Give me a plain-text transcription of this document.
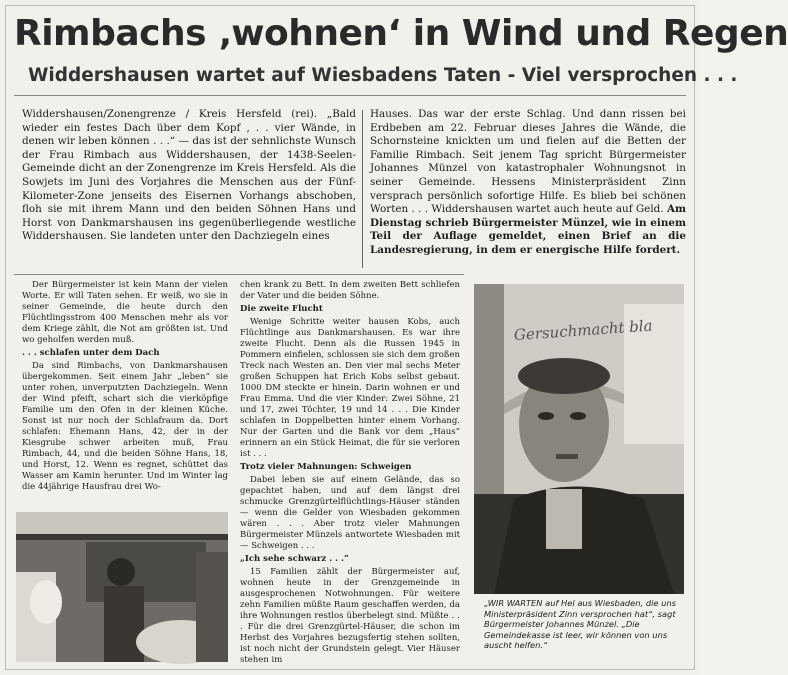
Rimbachs ‚wohnen‘ in Wind und Regen
Widdershausen wartet auf Wiesbadens Taten - Viel versprochen . . .
Widdershausen/Zonengrenze / Kreis Hersfeld (rei). „Bald wieder ein festes Dach über dem Kopf , . . vier Wände, in denen wir leben können . . .“ — das ist der sehnlichste Wunsch der Frau Rimbach aus Widdershausen, der 1438-Seelen-Gemeinde dicht an der Zonengrenze im Kreis Hersfeld. Als die Sowjets im Juni des Vorjahres die Menschen aus der Fünf-Kilometer-Zone jenseits des Eisernen Vorhangs abschoben, floh sie mit ihrem Mann und den beiden Söhnen Hans und Horst von Dankmarshausen ins gegenüberliegende westliche Widdershausen. Sie landeten unter den Dachziegeln eines
Hauses. Das war der erste Schlag. Und dann rissen bei Erdbeben am 22. Februar dieses Jahres die Wände, die Schornsteine knickten um und fielen auf die Betten der Familie Rimbach. Seit jenem Tag spricht Bürgermeister Johannes Münzel von katastrophaler Wohnungsnot in seiner Gemeinde. Hessens Ministerpräsident Zinn versprach persönlich sofortige Hilfe. Es blieb bei schönen Worten . . . Widdershausen wartet auch heute auf Geld. Am Dienstag schrieb Bürgermeister Münzel, wie in einem Teil der Auflage gemeldet, einen Brief an die Landesregierung, in dem er energische Hilfe fordert.
Der Bürgermeister ist kein Mann der vielen Worte. Er will Taten sehen. Er weiß, wo sie in seiner Gemeinde, die heute durch den Flüchtlingsstrom 400 Menschen mehr als vor dem Kriege zählt, die Not am größten ist. Und wo geholfen werden muß.
. . . schlafen unter dem Dach
Da sind Rimbachs, von Dankmarshausen übergekommen. Seit einem Jahr „leben“ sie unter rohen, unverputzten Dachziegeln. Wenn der Wind pfeift, schart sich die vierköpfige Familie um den Ofen in der kleinen Küche. Sonst ist nur noch der Schlafraum da. Dort schlafen: Ehemann Hans, 42, der in der Kiesgrube schwer arbeiten muß, Frau Rimbach, 44, und die beiden Söhne Hans, 18, und Horst, 12. Wenn es regnet, schüttet das Wasser am Kamin herunter. Und im Winter lag die 44jährige Hausfrau drei Wo-
chen krank zu Bett. In dem zweiten Bett schliefen der Vater und die beiden Söhne.
Die zweite Flucht
Wenige Schritte weiter hausen Kobs, auch Flüchtlinge aus Dankmarshausen. Es war ihre zweite Flucht. Denn als die Russen 1945 in Pommern einfielen, schlossen sie sich dem großen Treck nach Westen an. Den vier mal sechs Meter großen Schuppen hat Erich Kobs selbst gebaut. 1000 DM steckte er hinein. Darin wohnen er und Frau Emma. Und die vier Kinder: Zwei Söhne, 21 und 17, zwei Töchter, 19 und 14 . . . Die Kinder schlafen in Doppelbetten hinter einem Vorhang. Nur der Garten und die Bank vor dem „Haus“ erinnern an ein Stück Heimat, die für sie verloren ist . . .
Trotz vieler Mahnungen: Schweigen
Dabei leben sie auf einem Gelände, das so gepachtet haben, und auf dem längst drei schmucke Grenzgürtelflüchtlings-Häuser ständen — wenn die Gelder von Wiesbaden gekommen wären . . . Aber trotz vieler Mahnungen Bürgermeister Münzels antwortete Wiesbaden mit — Schweigen . . .
„Ich sehe schwarz . . .“
15 Familien zählt der Bürgermeister auf, wohnen heute in der Grenzgemeinde in ausgesprochenen Notwohnungen. Für weitere zehn Familien müßte Raum geschaffen werden, da ihre Wohnungen restlos überbelegt sind. Müßte . . . Für die drei Grenzgürtel-Häuser, die schon im Herbst des Vorjahres bezugsfertig stehen sollten, ist noch nicht der Grundstein gelegt. Vier Häuser stehen im
Gersuchmacht bla
„WIR WARTEN auf Hel aus Wiesbaden, die uns Ministerpräsident Zinn versprochen hat“, sagt Bürgermeister Johannes Münzel. „Die Gemeindekasse ist leer, wir können von uns auscht helfen.“
